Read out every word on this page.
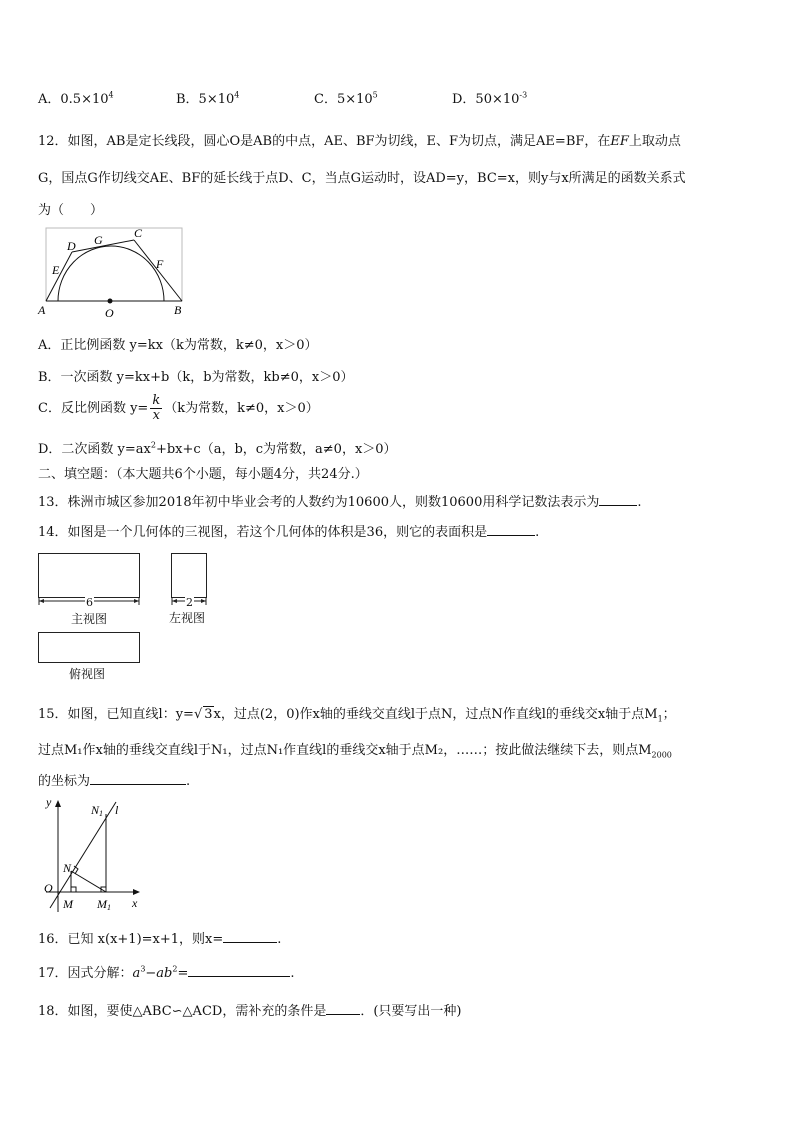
A．$0.5\times 10^4$	B．$5\times 10^4$	C．$5\times 10^5$	D．$50\times 10^{-3}$
12．如图，AB是定长线段，圆心O是AB的中点，AE、BF为切线，E、F为切点，满足AE=BF，在EF上取动点
G，国点G作切线交AE、BF的延长线于点D、C，当点G运动时，设AD=y，BC=x，则y与x所满足的函数关系式
为（　　）
A	B
O
E
D G	C
F
A．正比例函数 y=kx（k为常数，k≠0，x＞0）
B．一次函数 y=kx+b（k，b为常数，kb≠0，x＞0）
C．反比例函数 $y= \frac{k}{x} (k$为常数，k≠0，x＞0）
D．二次函数 $y=ax^2+bx+c(a$，b，c为常数，a≠0，x＞0）
二、填空题：（本大题共6个小题，每小题4分，共24分.）
13．株洲市城区参加2018年初中毕业会考的人数约为10600人，则数10600用科学记数法表示为	.
14．如图是一个几何体的三视图，若这个几何体的体积是36，则它的表面积是	.
6
主视图
2
左视图
俯视图
15．如图，已知直线l：y=√ 3x，过点(2，0)作x轴的垂线交直线l于点N，过点N作直线l的垂线交x轴于点$M_1$；
过点M₁作x轴的垂线交直线l于N₁，过点N₁作直线l的垂线交x轴于点M₂，……；按此做法继续下去，则点$M_{2000}$
的坐标为	.
y
x
O
M M1
N
N1 l
16．已知 x(x+1)=x+1，则x=	.
17．因式分解：$a^3-ab^2=$	.
18．如图，要使△ABC∽△ACD，需补充的条件是	．(只要写出一种)
